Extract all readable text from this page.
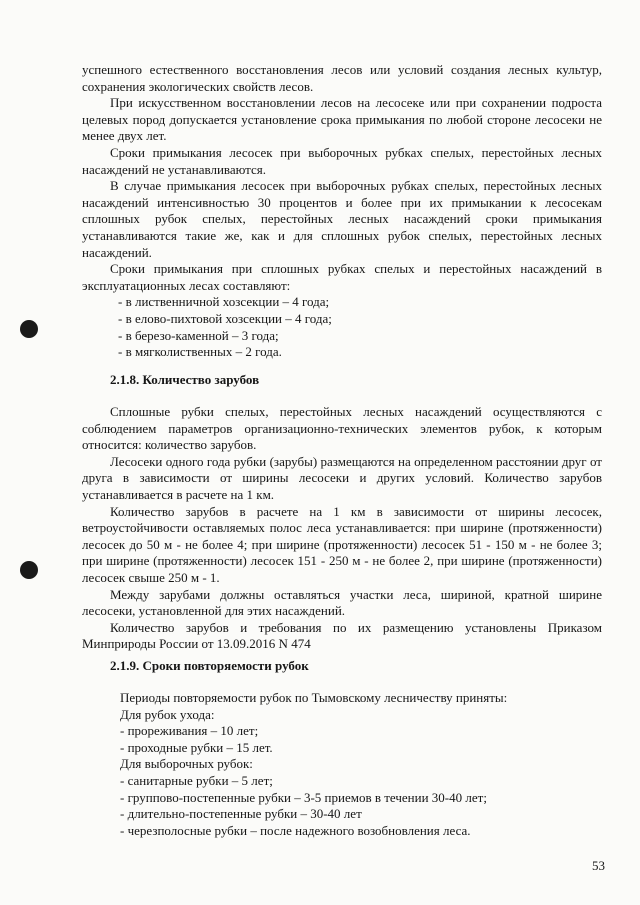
успешного естественного восстановления лесов или условий создания лесных культур, сохранения экологических свойств лесов.

При искусственном восстановлении лесов на лесосеке или при сохранении подроста целевых пород допускается установление срока примыкания по любой стороне лесосеки не менее двух лет.

Сроки примыкания лесосек при выборочных рубках спелых, перестойных лесных насаждений не устанавливаются.

В случае примыкания лесосек при выборочных рубках спелых, перестойных лесных насаждений интенсивностью 30 процентов и более при их примыкании к лесосекам сплошных рубок спелых, перестойных лесных насаждений сроки примыкания устанавливаются такие же, как и для сплошных рубок спелых, перестойных лесных насаждений.

Сроки примыкания при сплошных рубках спелых и перестойных насаждений в эксплуатационных лесах составляют:

- в лиственничной хозсекции – 4 года;

- в елово-пихтовой хозсекции – 4 года;

- в березо-каменной – 3 года;

- в мягколиственных – 2 года.

2.1.8. Количество зарубов

Сплошные рубки спелых, перестойных лесных насаждений осуществляются с соблюдением параметров организационно-технических элементов рубок, к которым относится: количество зарубов.

Лесосеки одного года рубки (зарубы) размещаются на определенном расстоянии друг от друга в зависимости от ширины лесосеки и других условий. Количество зарубов устанавливается в расчете на 1 км.

Количество зарубов в расчете на 1 км в зависимости от ширины лесосек, ветроустойчивости оставляемых полос леса устанавливается: при ширине (протяженности) лесосек до 50 м - не более 4; при ширине (протяженности) лесосек 51 - 150 м - не более 3; при ширине (протяженности) лесосек 151 - 250 м - не более 2, при ширине (протяженности) лесосек свыше 250 м - 1.

Между зарубами должны оставляться участки леса, шириной, кратной ширине лесосеки, установленной для этих насаждений.

Количество зарубов и требования по их размещению установлены Приказом Минприроды России от 13.09.2016 N 474

2.1.9. Сроки повторяемости рубок

Периоды повторяемости рубок по Тымовскому лесничеству приняты:

Для рубок ухода:

- прореживания – 10 лет;

- проходные рубки – 15 лет.

Для выборочных рубок:

- санитарные рубки – 5 лет;

- группово-постепенные рубки – 3-5 приемов в течении 30-40 лет;

- длительно-постепенные рубки – 30-40 лет

- черезполосные рубки – после надежного возобновления леса.

53
